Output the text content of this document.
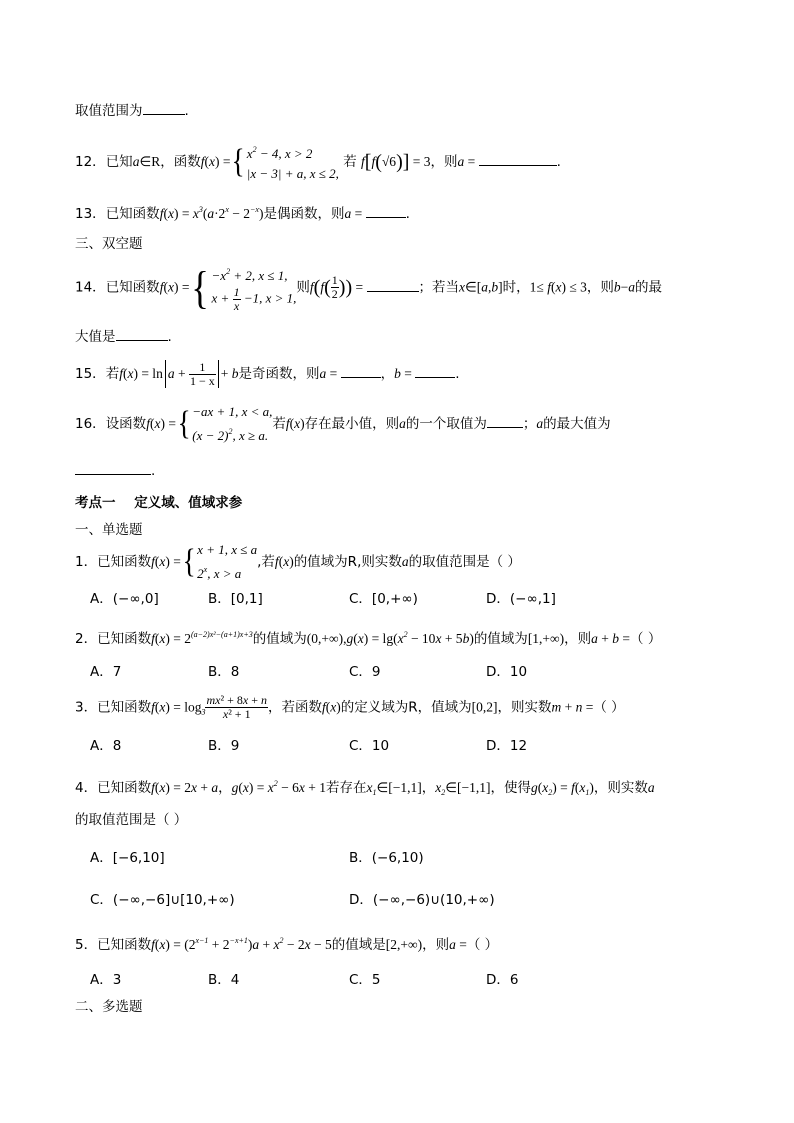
取值范围为	.
12．已知a∈R，函数f(x) ={ $x^2 - 4$, x > 2
|x − 3| + a, x ≤ 2,
若 f[f(√6)] = 3，则a =	.
13．已知函数$f(x) = x^3(a\cdot 2^x - 2^{-x})$是偶函数，则a =	.
三、双空题
14．已知函数f(x) ={ $-x^2 + 2$, x ≤ 1,
$x + \frac{1}{x} -1$, x > 1,
则$f(f( \frac{1}{2}$ )) =	；若当x∈[a,b]时，1≤ f(x) ≤ 3，则b−a的最
大值是	.
15．若$f(x) = \ln a + \frac{1}{1 - x} + b$是奇函数，则a =	，b =	.
16．设函数f(x) ={ −ax + 1, x < a,
$(x - 2)^2$, x ≥ a.
若f(x)存在最小值，则a的一个取值为	；a的最大值为
.
考点一    定义域、值域求参
一、单选题
1．已知函数f(x) ={ x + 1, x ≤ a
2$^x$, x > a
,若f(x)的值域为R,则实数a的取值范围是（ ）
A．(−∞,0]	B．[0,1]	C．[0,+∞)	D．(−∞,1]
2．已知函数$f(x) = 2^{(a-2)x^2-(a+1)x+3}$的值域为$(0,+\infty),g(x) = \lg(x^2 - 10x + 5b)$的值域为[1,+∞)，则a + b =（ ）
A．7	B．8	C．9	D．10
3．已知函数$f(x) = \log_3 \frac{\text{mx² + 8x + n}}{\text{x² + 1}}$ ，若函数f(x)的定义域为R，值域为[0,2]，则实数m + n =（ ）
A．8	B．9	C．10	D．12
4．已知函数f(x) = 2x + a，$g(x) = x^2 - 6x + 1$若存在$x_1\in[-1,1]$，$x_2\in[-1,1]$，使得$g(x_2) = f(x_1)$，则实数a
的取值范围是（ ）
A．[−6,10]	B．(−6,10)
C．(−∞,−6]∪[10,+∞)	D．(−∞,−6)∪(10,+∞)
5．已知函数$f(x) = (2^{x-1} + 2^{-x+1})a + x^2 - 2x - 5$的值域是[2,+∞)，则a =（ ）
A．3	B．4	C．5	D．6
二、多选题
